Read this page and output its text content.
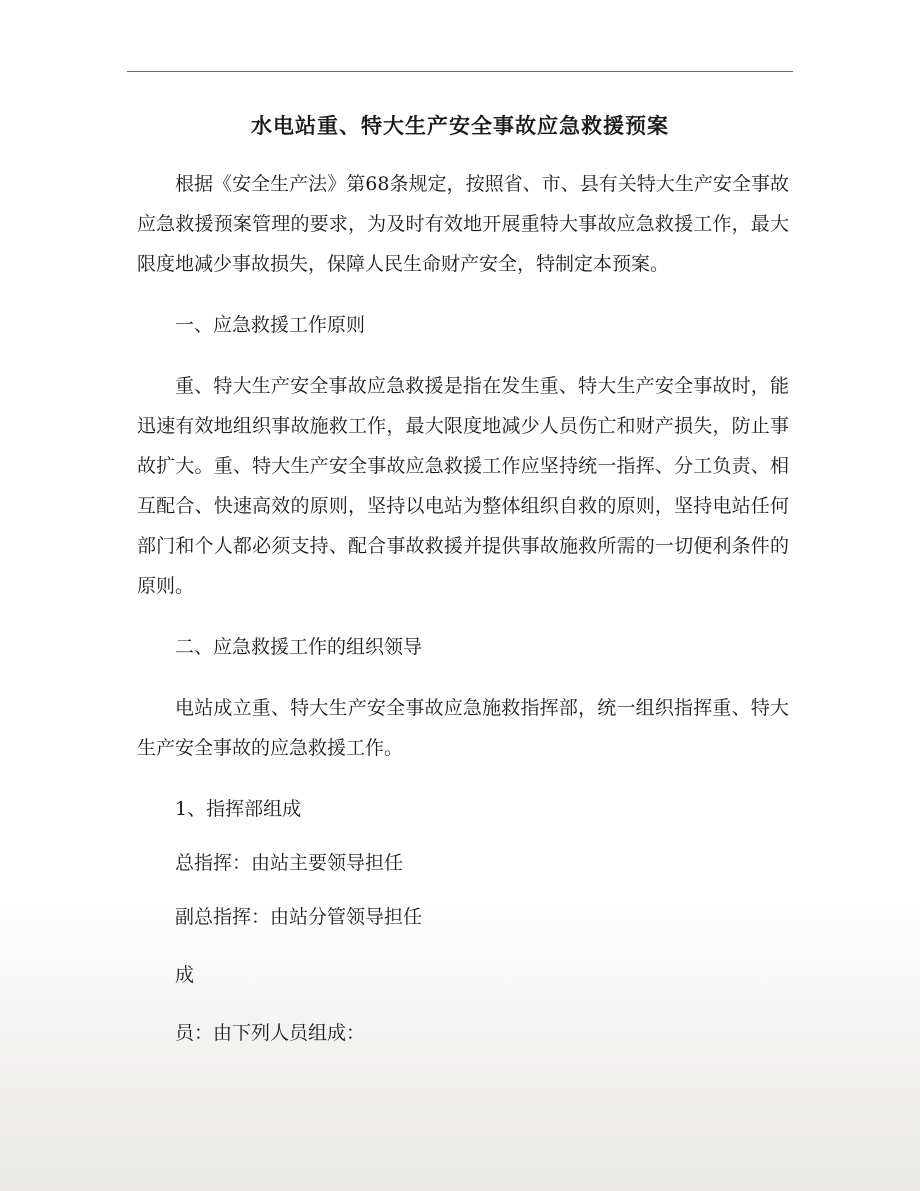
水电站重、特大生产安全事故应急救援预案

根据《安全生产法》第68条规定，按照省、市、县有关特大生产安全事故应急救援预案管理的要求，为及时有效地开展重特大事故应急救援工作，最大限度地减少事故损失，保障人民生命财产安全，特制定本预案。

一、应急救援工作原则

重、特大生产安全事故应急救援是指在发生重、特大生产安全事故时，能迅速有效地组织事故施救工作，最大限度地减少人员伤亡和财产损失，防止事故扩大。重、特大生产安全事故应急救援工作应坚持统一指挥、分工负责、相互配合、快速高效的原则，坚持以电站为整体组织自救的原则，坚持电站任何部门和个人都必须支持、配合事故救援并提供事故施救所需的一切便利条件的原则。

二、应急救援工作的组织领导

电站成立重、特大生产安全事故应急施救指挥部，统一组织指挥重、特大生产安全事故的应急救援工作。

1、指挥部组成

总指挥：由站主要领导担任

副总指挥：由站分管领导担任

成

员：由下列人员组成：
